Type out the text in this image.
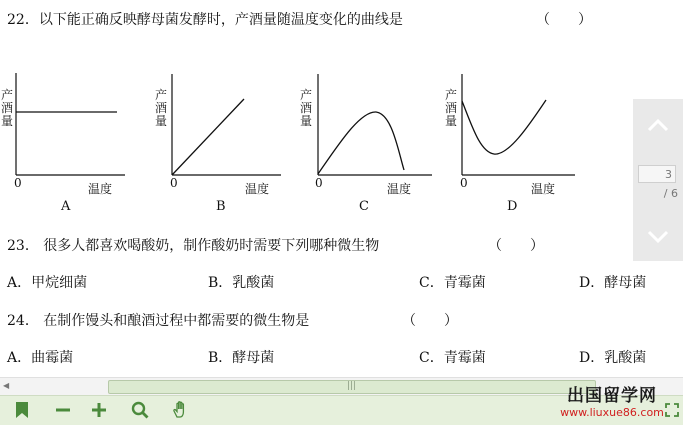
22．以下能正确反映酵母菌发酵时，产酒量随温度变化的曲线是	（　　）
产
酒
量
0	温度
A
产
酒
量
0	温度
B
产
酒
量
0	温度
C
产
酒
量
0	温度
D
23． 很多人都喜欢喝酸奶，制作酸奶时需要下列哪种微生物	（　　）
A．甲烷细菌	B．乳酸菌	C．青霉菌	D．酵母菌
24． 在制作馒头和酿酒过程中都需要的微生物是	（　　）
A．曲霉菌	B．酵母菌	C．青霉菌	D．乳酸菌
3
/ 6
◀	|||	出国留学网
www.liuxue86.com
